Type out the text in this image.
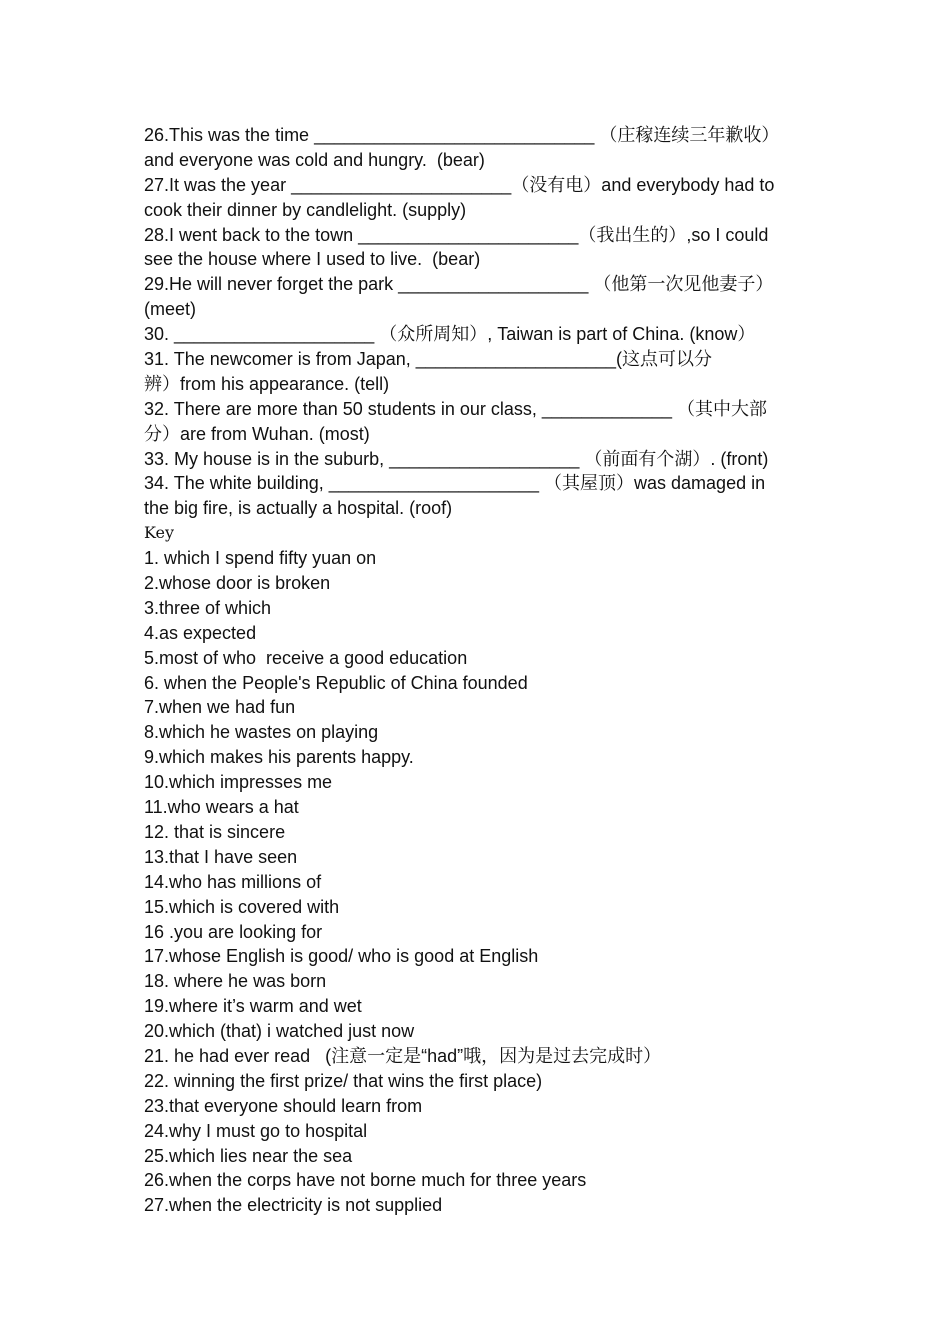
26.This was the time ____________________________ （庄稼连续三年歉收）
and everyone was cold and hungry.  (bear)
27.It was the year ______________________（没有电）and everybody had to
cook their dinner by candlelight. (supply)
28.I went back to the town ______________________（我出生的）,so I could
see the house where I used to live.  (bear)
29.He will never forget the park ___________________ （他第一次见他妻子）
(meet)
30. ____________________ （众所周知）, Taiwan is part of China. (know）
31. The newcomer is from Japan, ____________________(这点可以分
辨）from his appearance. (tell)
32. There are more than 50 students in our class, _____________ （其中大部
分）are from Wuhan. (most)
33. My house is in the suburb, ___________________ （前面有个湖）. (front)
34. The white building, _____________________ （其屋顶）was damaged in
the big fire, is actually a hospital. (roof)
Key
1. which I spend fifty yuan on
2.whose door is broken
3.three of which
4.as expected
5.most of who  receive a good education
6. when the People's Republic of China founded
7.when we had fun
8.which he wastes on playing
9.which makes his parents happy.
10.which impresses me
11.who wears a hat
12. that is sincere
13.that I have seen
14.who has millions of
15.which is covered with
16 .you are looking for
17.whose English is good/ who is good at English
18. where he was born
19.where it’s warm and wet
20.which (that) i watched just now
21. he had ever read   (注意一定是“had”哦，因为是过去完成时）
22. winning the first prize/ that wins the first place)
23.that everyone should learn from
24.why I must go to hospital
25.which lies near the sea
26.when the corps have not borne much for three years
27.when the electricity is not supplied
